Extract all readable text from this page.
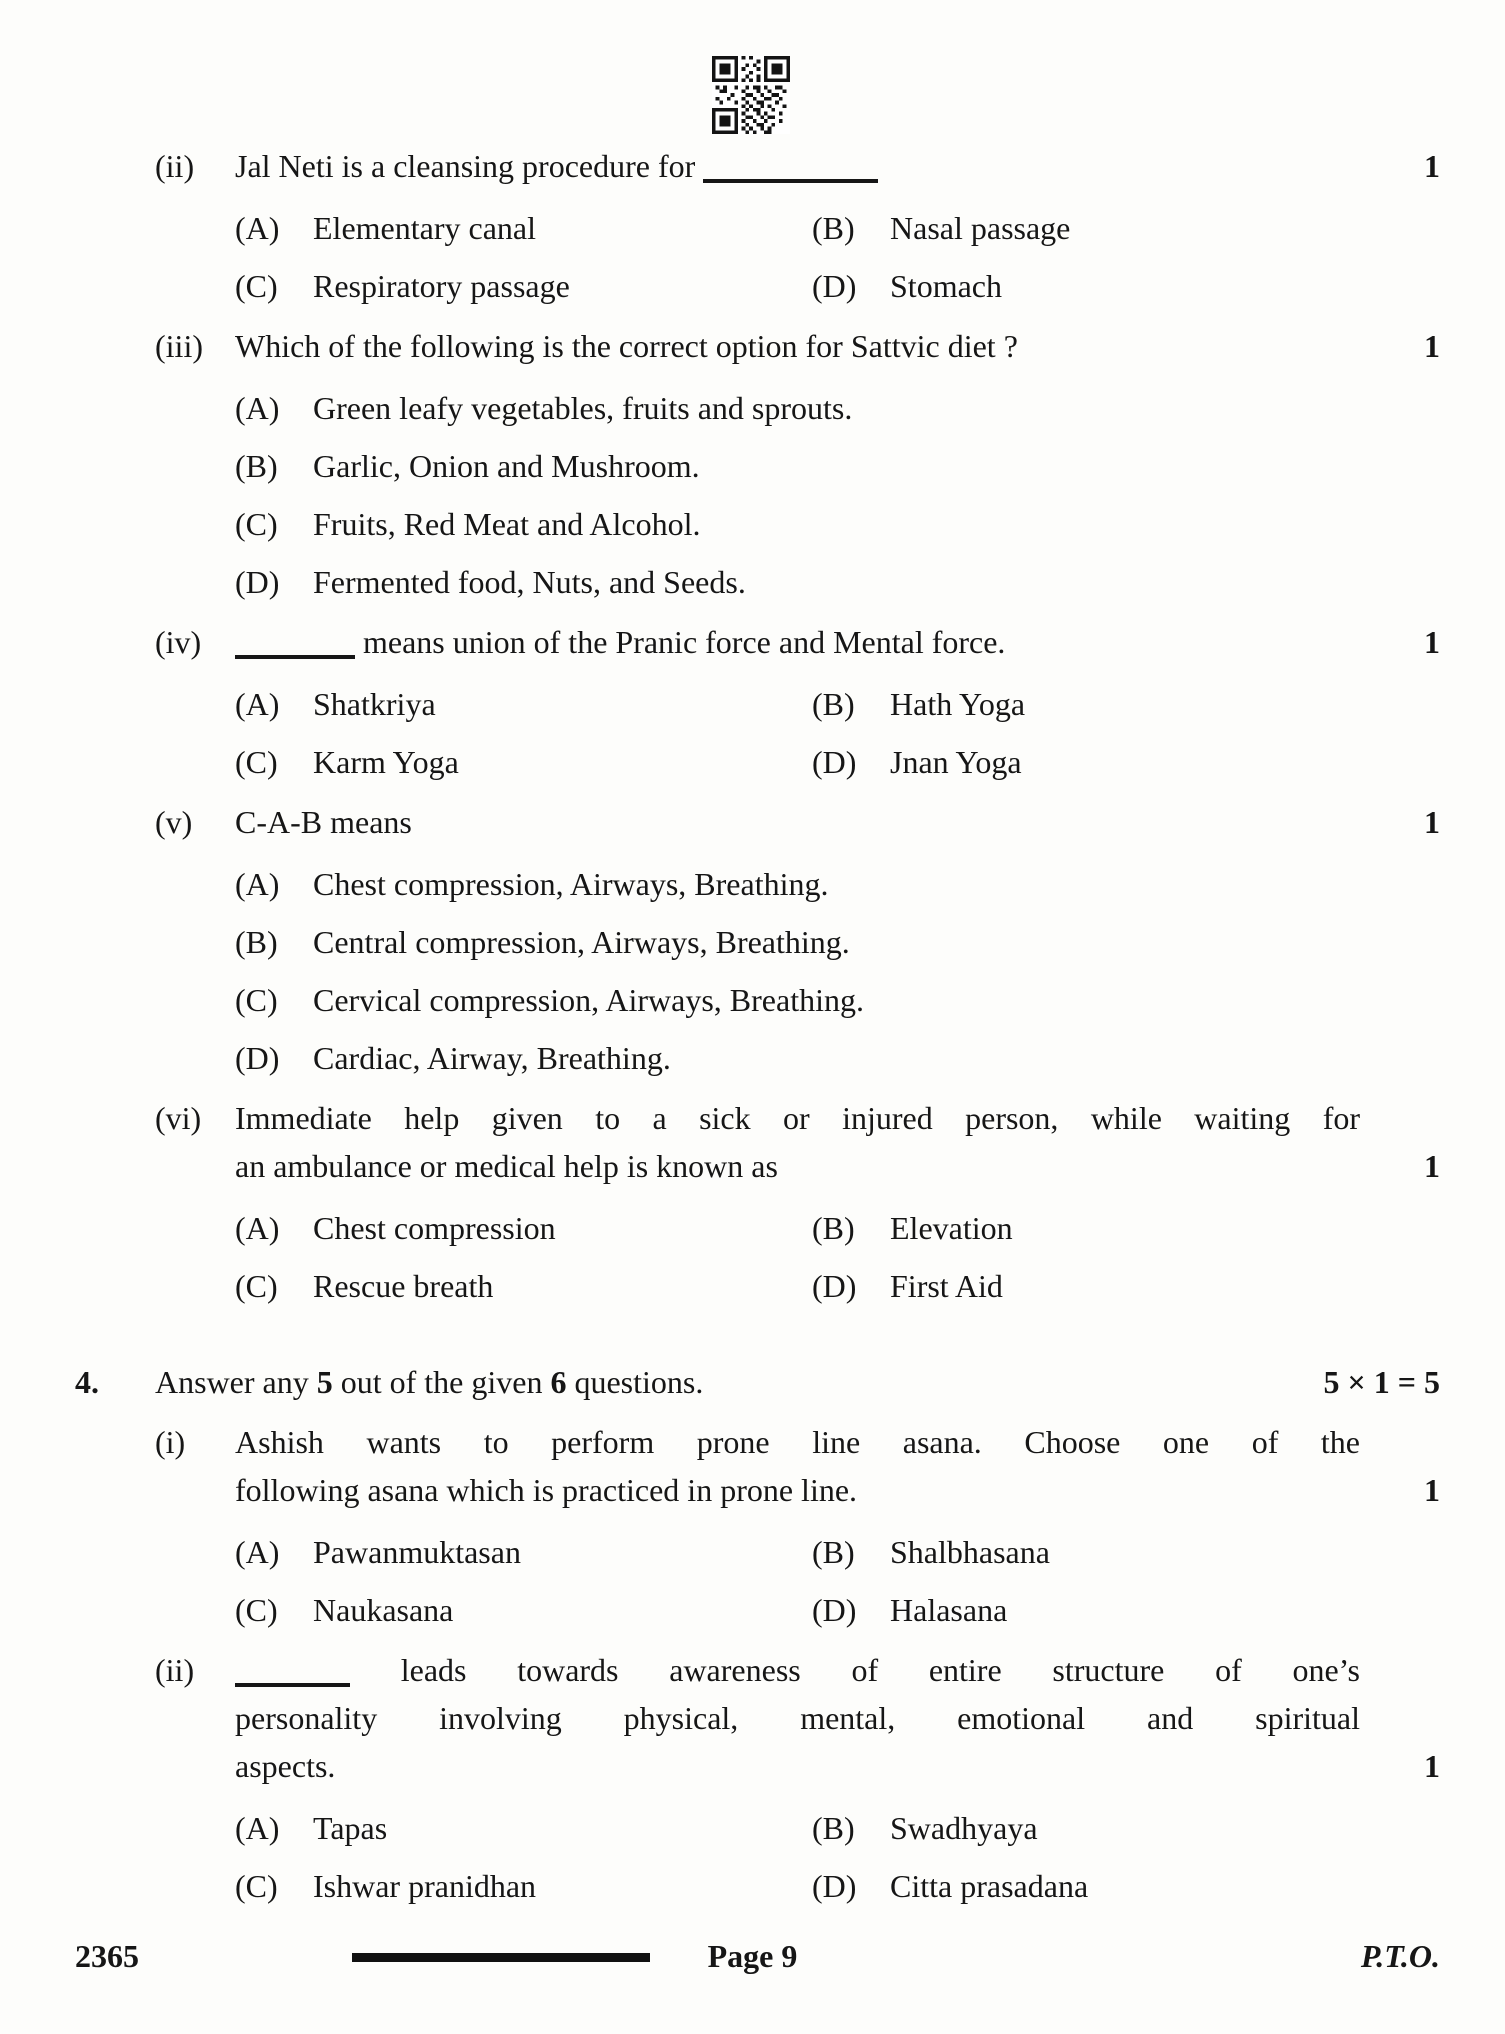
(ii) Jal Neti is a cleansing procedure for
(A)	Elementary canal	(B)	Nasal passage
(C)	Respiratory passage	(D)	Stomach
1
(iii) Which of the following is the correct option for Sattvic diet ?
(A)	Green leafy vegetables, fruits and sprouts.
(B)	Garlic, Onion and Mushroom.
(C)	Fruits, Red Meat and Alcohol.
(D)	Fermented food, Nuts, and Seeds.
1
(iv)	means union of the Pranic force and Mental force.
(A)	Shatkriya	(B)	Hath Yoga
(C)	Karm Yoga	(D)	Jnan Yoga
1
(v) C-A-B means
(A)	Chest compression, Airways, Breathing.
(B)	Central compression, Airways, Breathing.
(C)	Cervical compression, Airways, Breathing.
(D)	Cardiac, Airway, Breathing.
1
(vi) Immediate help given to a sick or injured person, while waiting for
an ambulance or medical help is known as
(A)	Chest compression	(B)	Elevation
(C)	Rescue breath	(D)	First Aid
1
4. Answer any 5 out of the given 6 questions.	5 × 1 = 5
(i) Ashish wants to perform prone line asana. Choose one of the
following asana which is practiced in prone line.
(A)	Pawanmuktasan	(B)	Shalbhasana
(C)	Naukasana	(D)	Halasana
1
(ii)	leads towards awareness of entire structure of one’s
personality involving physical, mental, emotional and spiritual
aspects.
(A)	Tapas	(B)	Swadhyaya
(C)	Ishwar pranidhan	(D)	Citta prasadana
1
2365	Page 9	P.T.O.
